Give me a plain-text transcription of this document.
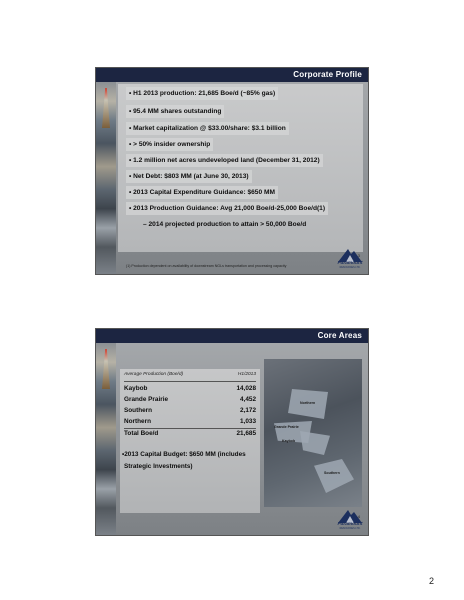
Corporate Profile
• H1 2013 production: 21,685 Boe/d (~85% gas)
• 95.4 MM shares outstanding
• Market capitalization @ $33.00/share: $3.1 billion
• > 50% insider ownership
• 1.2 million net acres undeveloped land (December 31, 2012)
• Net Debt: $803 MM (at June 30, 2013)
• 2013 Capital Expenditure Guidance: $650 MM
• 2013 Production Guidance: Avg 21,000 Boe/d-25,000 Boe/d(1)
– 2014 projected production to attain > 50,000 Boe/d
(1) Production dependent on availability of downstream NGLs transportation and processing capacity
3
Paramount
RESOURCES LTD.
Core Areas
Average Production (Boe/d)	H1/2013
Kaybob	14,028
Grande Prairie	4,452
Southern	2,172
Northern	1,033
Total Boe/d	21,685
•2013 Capital Budget: $650 MM (includes
Strategic Investments)
Northern
Grande Prairie
Kaybob
Southern
4
Paramount
RESOURCES LTD.
2
